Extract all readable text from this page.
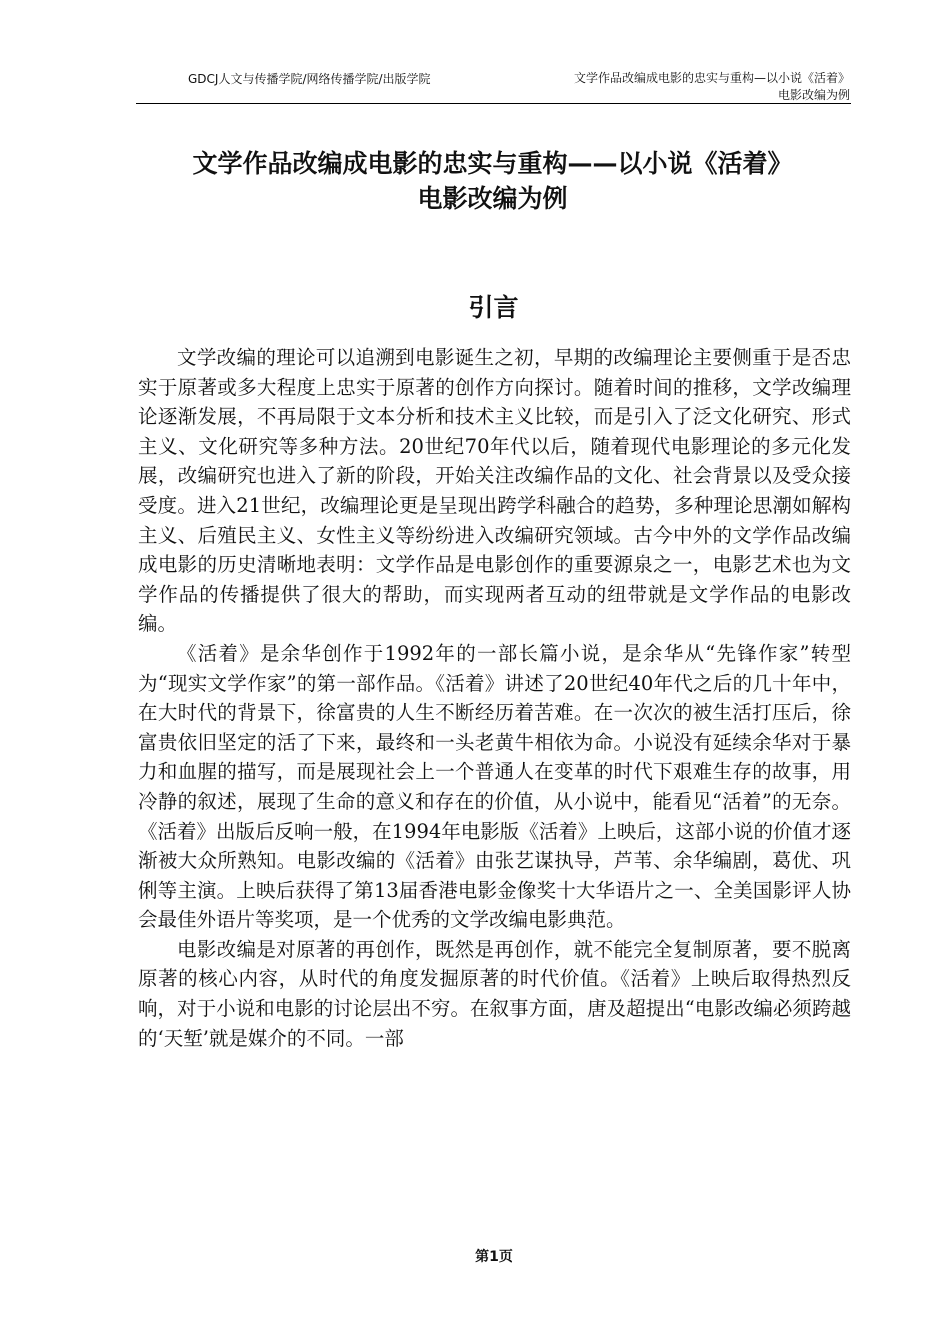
GDCJ人文与传播学院/网络传播学院/出版学院	文学作品改编成电影的忠实与重构—以小说《活着》
电影改编为例
文学作品改编成电影的忠实与重构——以小说《活着》
电影改编为例
引言

文学改编的理论可以追溯到电影诞生之初，早期的改编理论主要侧重于是否忠实于原著或多大程度上忠实于原著的创作方向探讨。随着时间的推移，文学改编理论逐渐发展，不再局限于文本分析和技术主义比较，而是引入了泛文化研究、形式主义、文化研究等多种方法。20世纪70年代以后，随着现代电影理论的多元化发展，改编研究也进入了新的阶段，开始关注改编作品的文化、社会背景以及受众接受度。进入21世纪，改编理论更是呈现出跨学科融合的趋势，多种理论思潮如解构主义、后殖民主义、女性主义等纷纷进入改编研究领域。古今中外的文学作品改编成电影的历史清晰地表明：文学作品是电影创作的重要源泉之一，电影艺术也为文学作品的传播提供了很大的帮助，而实现两者互动的纽带就是文学作品的电影改编。

《活着》是余华创作于1992年的一部长篇小说，是余华从“先锋作家”转型为“现实文学作家”的第一部作品。《活着》讲述了20世纪40年代之后的几十年中，在大时代的背景下，徐富贵的人生不断经历着苦难。在一次次的被生活打压后，徐富贵依旧坚定的活了下来，最终和一头老黄牛相依为命。小说没有延续余华对于暴力和血腥的描写，而是展现社会上一个普通人在变革的时代下艰难生存的故事，用冷静的叙述，展现了生命的意义和存在的价值，从小说中，能看见“活着”的无奈。《活着》出版后反响一般，在1994年电影版《活着》上映后，这部小说的价值才逐渐被大众所熟知。电影改编的《活着》由张艺谋执导，芦苇、余华编剧，葛优、巩俐等主演。上映后获得了第13届香港电影金像奖十大华语片之一、全美国影评人协会最佳外语片等奖项，是一个优秀的文学改编电影典范。

电影改编是对原著的再创作，既然是再创作，就不能完全复制原著，要不脱离原著的核心内容，从时代的角度发掘原著的时代价值。《活着》上映后取得热烈反响，对于小说和电影的讨论层出不穷。在叙事方面，唐及超提出“电影改编必须跨越的‘天堑’就是媒介的不同。一部

第1页
